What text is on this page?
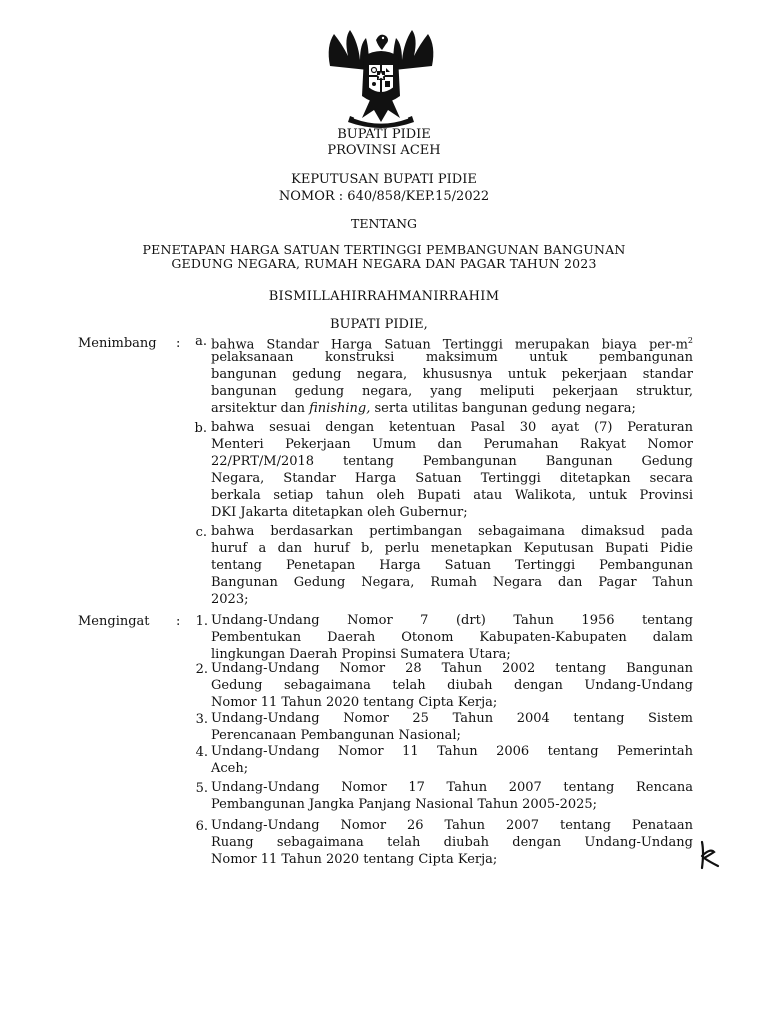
BUPATI PIDIE
PROVINSI ACEH
KEPUTUSAN BUPATI PIDIE
NOMOR : 640/858/KEP.15/2022
TENTANG
PENETAPAN HARGA SATUAN TERTINGGI PEMBANGUNAN BANGUNAN
GEDUNG NEGARA, RUMAH NEGARA DAN PAGAR TAHUN 2023
BISMILLAHIRRAHMANIRRAHIM
BUPATI PIDIE,
Menimbang :	a. bahwa Standar Harga Satuan Tertinggi merupakan biaya per-$m^2$
pelaksanaan konstruksi maksimum untuk pembangunan
bangunan gedung negara, khususnya untuk pekerjaan standar
bangunan gedung negara, yang meliputi pekerjaan struktur,
arsitektur dan finishing, serta utilitas bangunan gedung negara;
b. bahwa sesuai dengan ketentuan Pasal 30 ayat (7) Peraturan
Menteri Pekerjaan Umum dan Perumahan Rakyat Nomor
22/PRT/M/2018 tentang Pembangunan Bangunan Gedung
Negara, Standar Harga Satuan Tertinggi ditetapkan secara
berkala setiap tahun oleh Bupati atau Walikota, untuk Provinsi
DKI Jakarta ditetapkan oleh Gubernur;
c. bahwa berdasarkan pertimbangan sebagaimana dimaksud pada
huruf a dan huruf b, perlu menetapkan Keputusan Bupati Pidie
tentang Penetapan Harga Satuan Tertinggi Pembangunan
Bangunan Gedung Negara, Rumah Negara dan Pagar Tahun
2023;
Mengingat :	1. Undang-Undang Nomor 7 (drt) Tahun 1956 tentang
Pembentukan Daerah Otonom Kabupaten-Kabupaten dalam
lingkungan Daerah Propinsi Sumatera Utara;
2. Undang-Undang Nomor 28 Tahun 2002 tentang Bangunan
Gedung sebagaimana telah diubah dengan Undang-Undang
Nomor 11 Tahun 2020 tentang Cipta Kerja;
3. Undang-Undang Nomor 25 Tahun 2004 tentang Sistem
Perencanaan Pembangunan Nasional;
4. Undang-Undang Nomor 11 Tahun 2006 tentang Pemerintah
Aceh;
5. Undang-Undang Nomor 17 Tahun 2007 tentang Rencana
Pembangunan Jangka Panjang Nasional Tahun 2005-2025;
6. Undang-Undang Nomor 26 Tahun 2007 tentang Penataan
Ruang sebagaimana telah diubah dengan Undang-Undang
Nomor 11 Tahun 2020 tentang Cipta Kerja;
